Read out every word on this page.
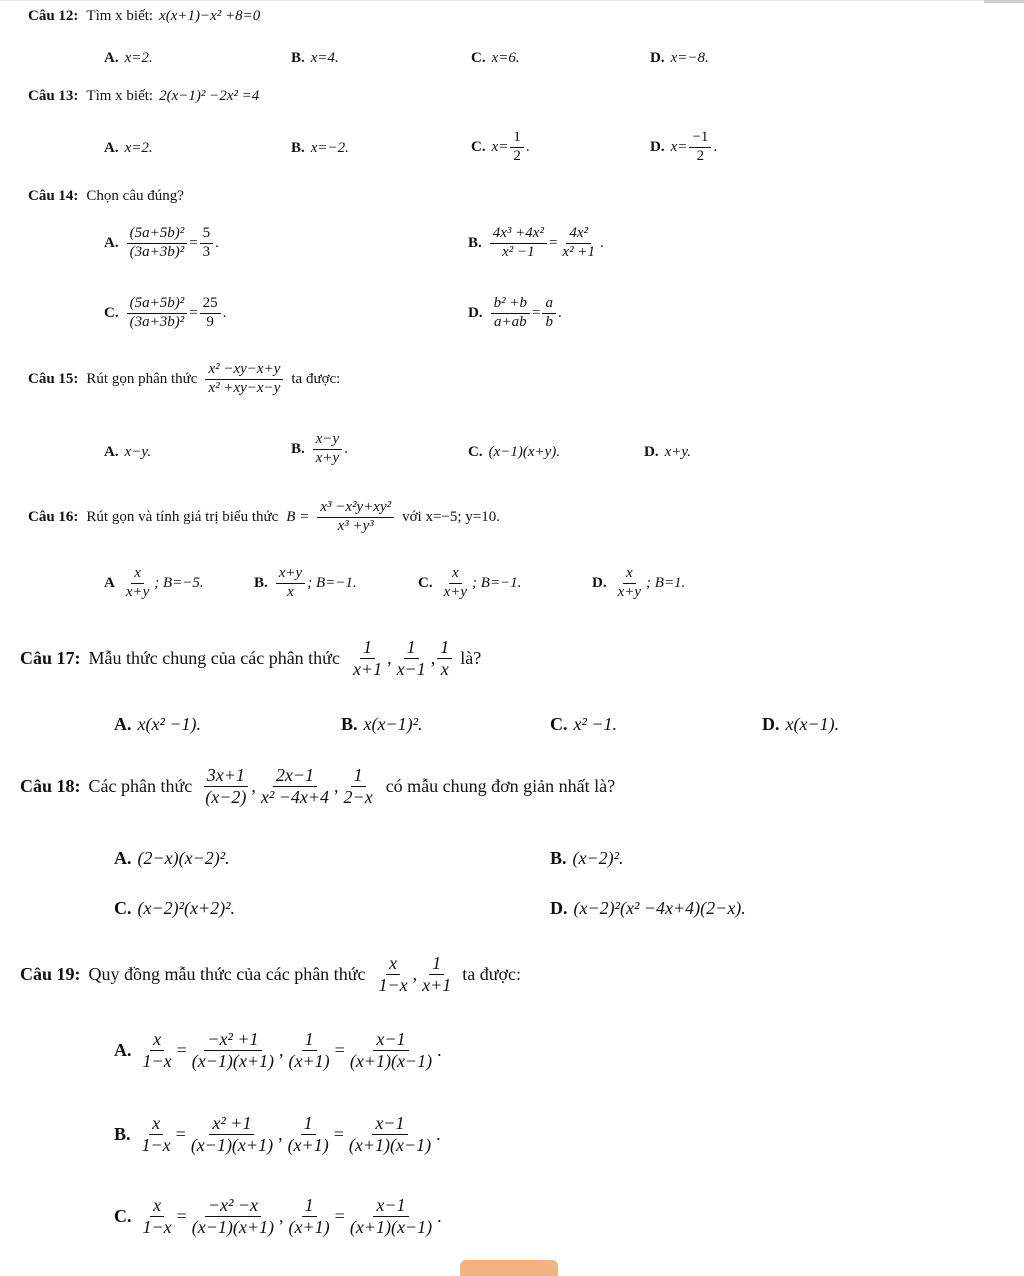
Câu 12: Tìm x biết: x(x+1)−x² +8=0
A. x=2.	B. x=4.	C. x=6.	D. x=−8.
Câu 13: Tìm x biết: 2(x−1)² −2x² =4
A. x=2.	B. x=−2.	C. $x= \frac{1}{2}$ .	D. $x= \frac{-1}{2}$ .
Câu 14: Chọn câu đúng?
A. $\frac{\text{(5a+5b)²}}{\text{(3a+3b)²}} = \frac{5}{3}$ .	B. $\frac{\text{4x³ +4x²}}{\text{x² −1}} = \frac{\text{4x²}}{\text{x² +1}}$ .
C. $\frac{\text{(5a+5b)²}}{\text{(3a+3b)²}} = \frac{25}{9}$ .	D. $\frac{\text{b² +b}}{a+ab} = \frac{a}{b}$ .
Câu 15: Rút gọn phân thức $\frac{\text{x² −xy−x+y}}{\text{x² +xy−x−y}}$ ta được:
A. x−y.	B. $\frac{x-y}{x+y}$ .	C. (x−1)(x+y).	D. x+y.
Câu 16: Rút gọn và tính giá trị biểu thức $B = \frac{\text{x³ −x²y+xy²}}{\text{x³ +y³}}$ với x=−5; y=10.
A $\frac{x}{x+y}$ ; B=−5.	B. $\frac{x+y}{x}$ ; B=−1.	C. $\frac{x}{x+y}$ ; B=−1.	D. $\frac{x}{x+y}$ ; B=1.
Câu 17: Mẫu thức chung của các phân thức $\frac{1}{x+1}$ , $\frac{1}{x-1}$ , $\frac{1}{x}$ là?
A. x(x² −1).	B. x(x−1)².	C. x² −1.	D. x(x−1).
Câu 18: Các phân thức $\frac{3x+1}{(x-2)}$ , $\frac{2x-1}{\text{x² −4x+4}}$ , $\frac{1}{2-x}$ có mẫu chung đơn giản nhất là?
A. (2−x)(x−2)².	B. (x−2)².
C. (x−2)²(x+2)².	D. (x−2)²(x² −4x+4)(2−x).
Câu 19: Quy đồng mẫu thức của các phân thức $\frac{x}{1-x}$ , $\frac{1}{x+1}$ ta được:
A. $\frac{x}{1-x} = \frac{\text{−x² +1}}{(x-1)(x+1)}$ , $\frac{1}{(x+1)} = \frac{x-1}{(x+1)(x-1)}$ .
B. $\frac{x}{1-x} = \frac{\text{x² +1}}{(x-1)(x+1)}$ , $\frac{1}{(x+1)} = \frac{x-1}{(x+1)(x-1)}$ .
C. $\frac{x}{1-x} = \frac{\text{−x² −x}}{(x-1)(x+1)}$ , $\frac{1}{(x+1)} = \frac{x-1}{(x+1)(x-1)}$ .
